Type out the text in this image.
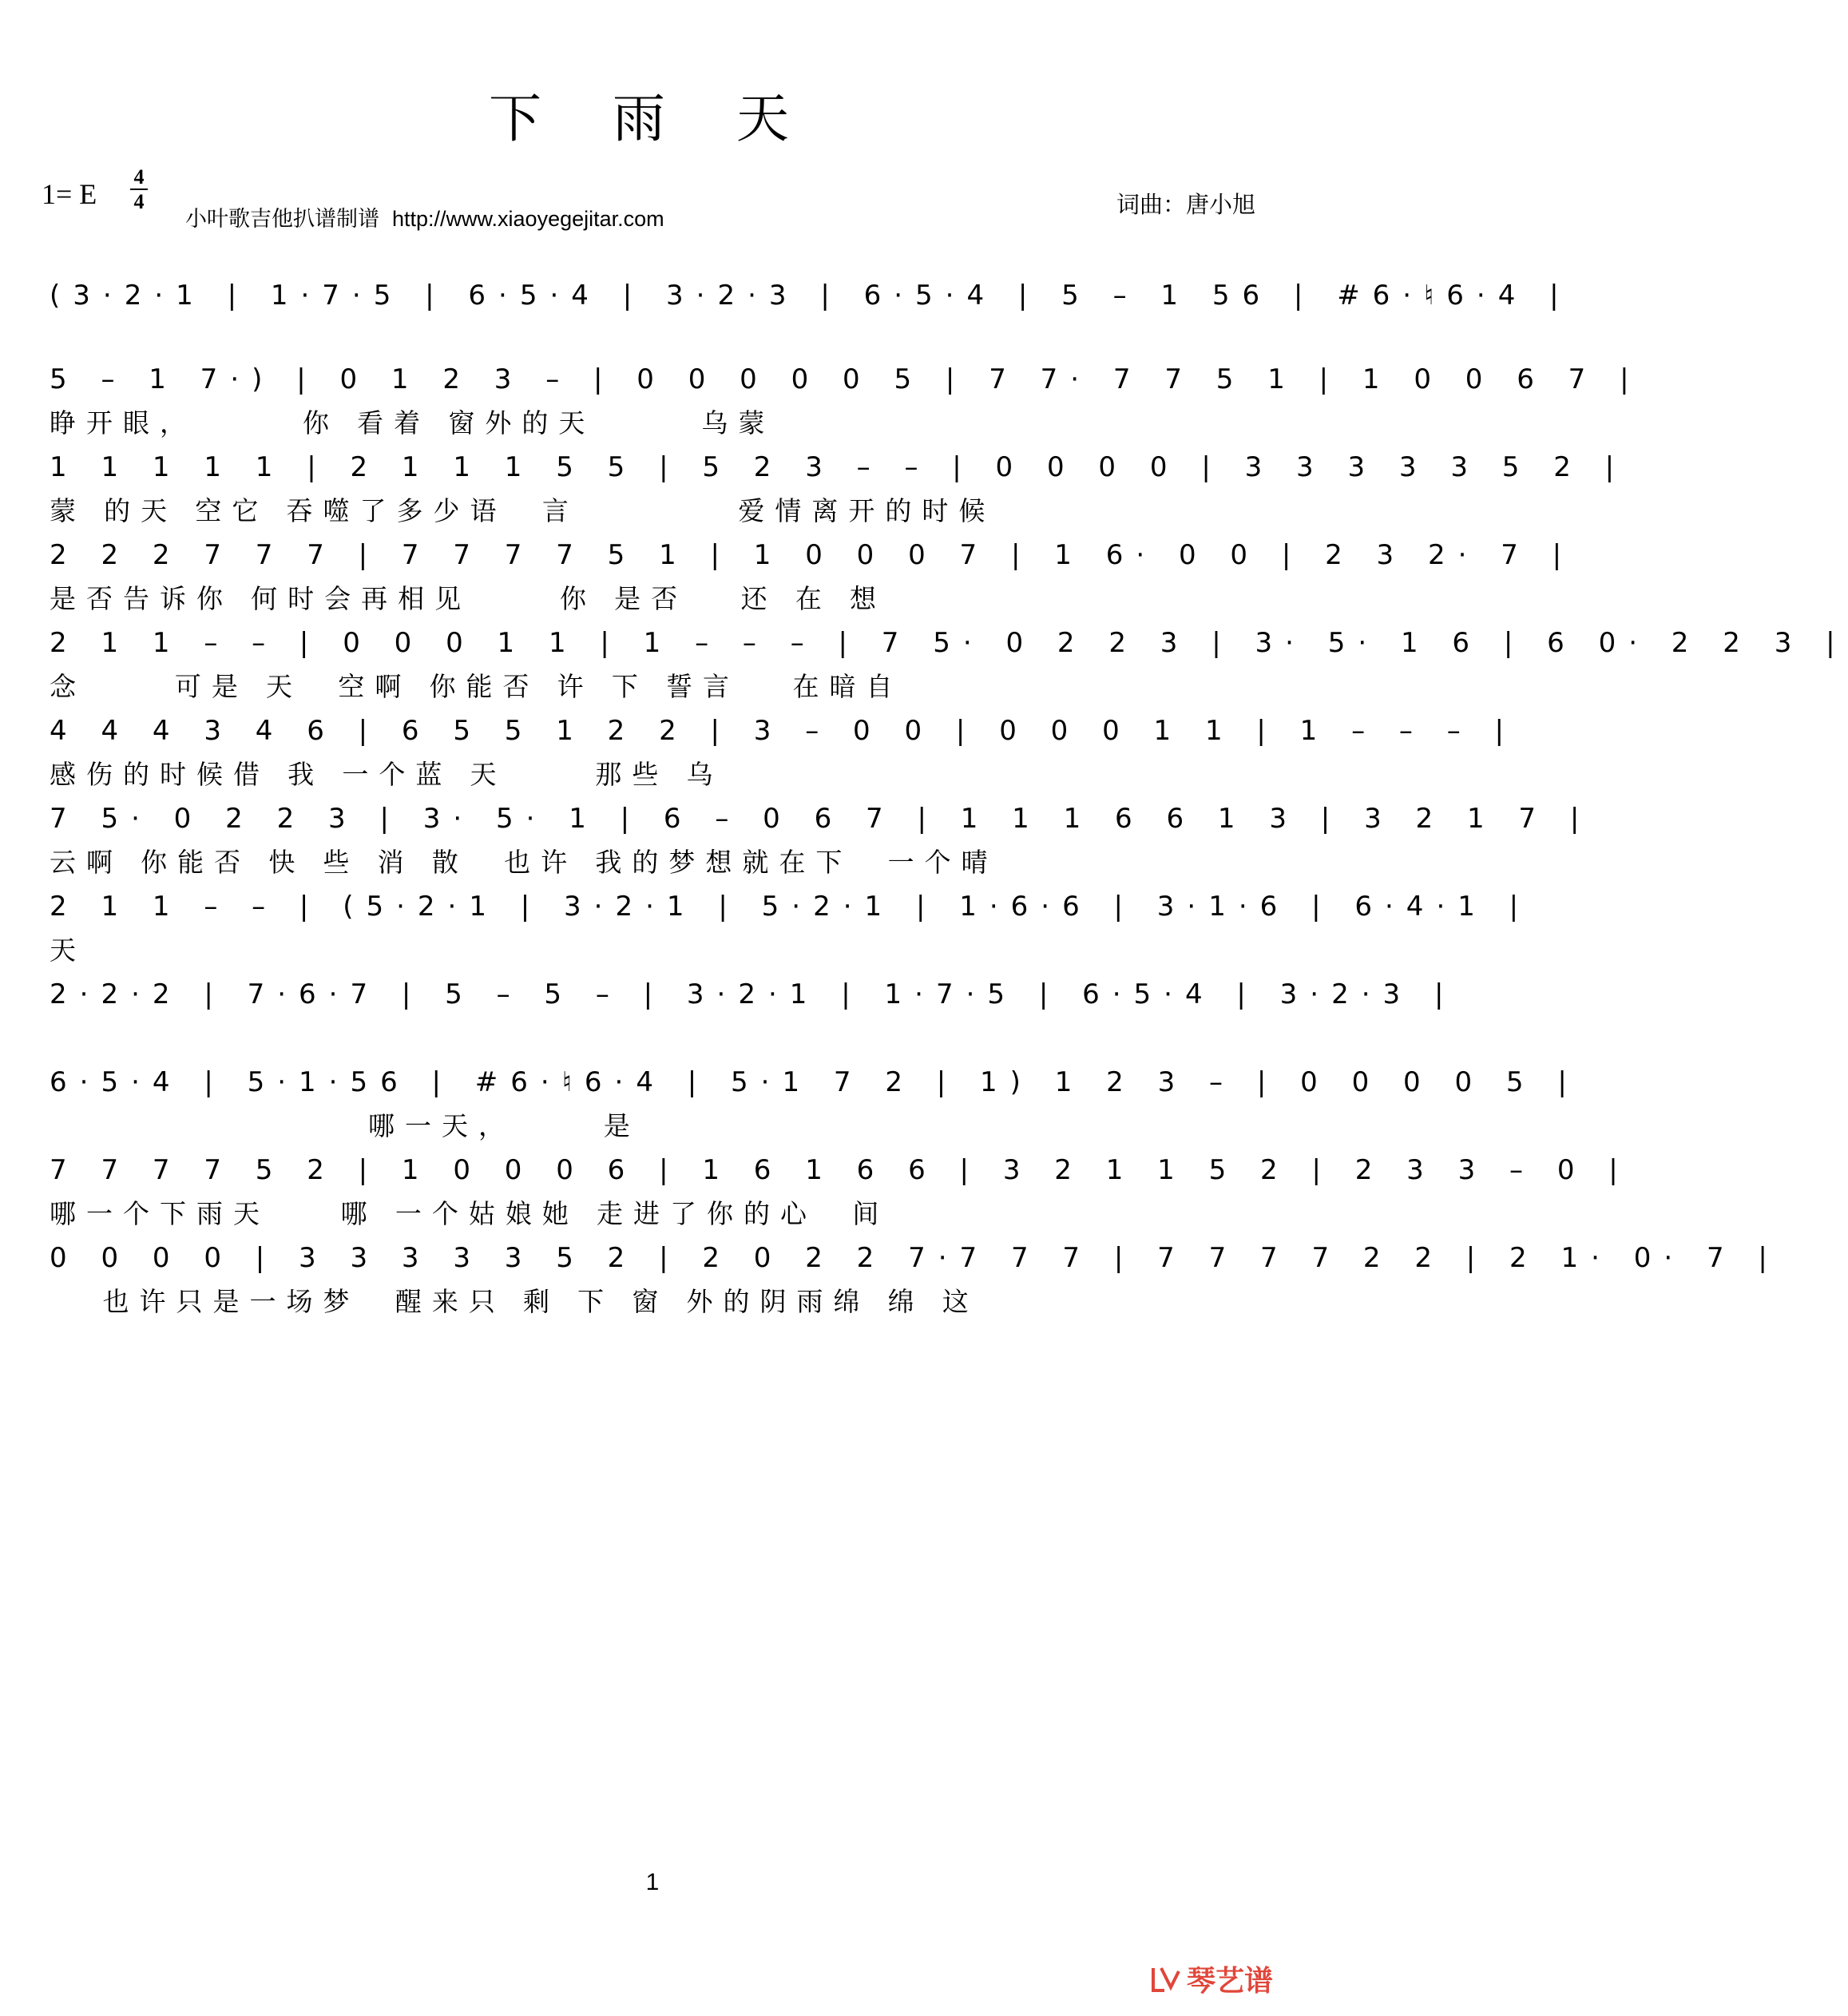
下 雨 天
1= E
4
4
小叶歌吉他扒谱制谱 http://www.xiaoyegejitar.com
词曲：唐小旭
(3·2·1 | 1·7·5 | 6·5·4 | 3·2·3 | 6·5·4 | 5 – 1 56 | #6·♮6·4 |
5 – 1 7·) | 0 1 2 3 – | 0 0 0 0 0 5 | 7 7· 7 7 5 1 | 1 0 0 6 7 |
睁开眼，      你 看着 窗外的天      乌蒙
1 1 1 1 1 | 2 1 1 1 5 5 | 5 2 3 – – | 0 0 0 0 | 3 3 3 3 3 5 2 |
蒙 的天 空它 吞噬了多少语  言         爱情离开的时候
2 2 2 7 7 7 | 7 7 7 7 5 1 | 1 0 0 0 7 | 1 6· 0 0 | 2 3 2· 7 |
是否告诉你 何时会再相见     你 是否   还 在 想
2 1 1 – – | 0 0 0 1 1 | 1 – – – | 7 5· 0 2 2 3 | 3· 5· 1 6 | 6 0· 2 2 3 |
念     可是 天  空啊 你能否 许 下 誓言   在暗自
4 4 4 3 4 6 | 6 5 5 1 2 2 | 3 – 0 0 | 0 0 0 1 1 | 1 – – – |
感伤的时候借 我 一个蓝 天     那些 乌
7 5· 0 2 2 3 | 3· 5· 1 | 6 – 0 6 7 | 1 1 1 6 6 1 3 | 3 2 1 7 |
云啊 你能否 快 些 消 散  也许 我的梦想就在下  一个晴
2 1 1 – – | (5·2·1 | 3·2·1 | 5·2·1 | 1·6·6 | 3·1·6 | 6·4·1 |
天
2·2·2 | 7·6·7 | 5 – 5 – | 3·2·1 | 1·7·5 | 6·5·4 | 3·2·3 |
6·5·4 | 5·1·56 | #6·♮6·4 | 5·1 7 2 | 1) 1 2 3 – | 0 0 0 0 5 |
哪一天，     是
7 7 7 7 5 2 | 1 0 0 0 6 | 1 6 1 6 6 | 3 2 1 1 5 2 | 2 3 3 – 0 |
哪一个下雨天    哪 一个姑娘她 走进了你的心  间
0 0 0 0 | 3 3 3 3 3 5 2 | 2 0 2 2 7·7 7 7 | 7 7 7 7 2 2 | 2 1· 0· 7 |
也许只是一场梦  醒来只 剩 下 窗 外的阴雨绵 绵 这
1
琴艺谱
